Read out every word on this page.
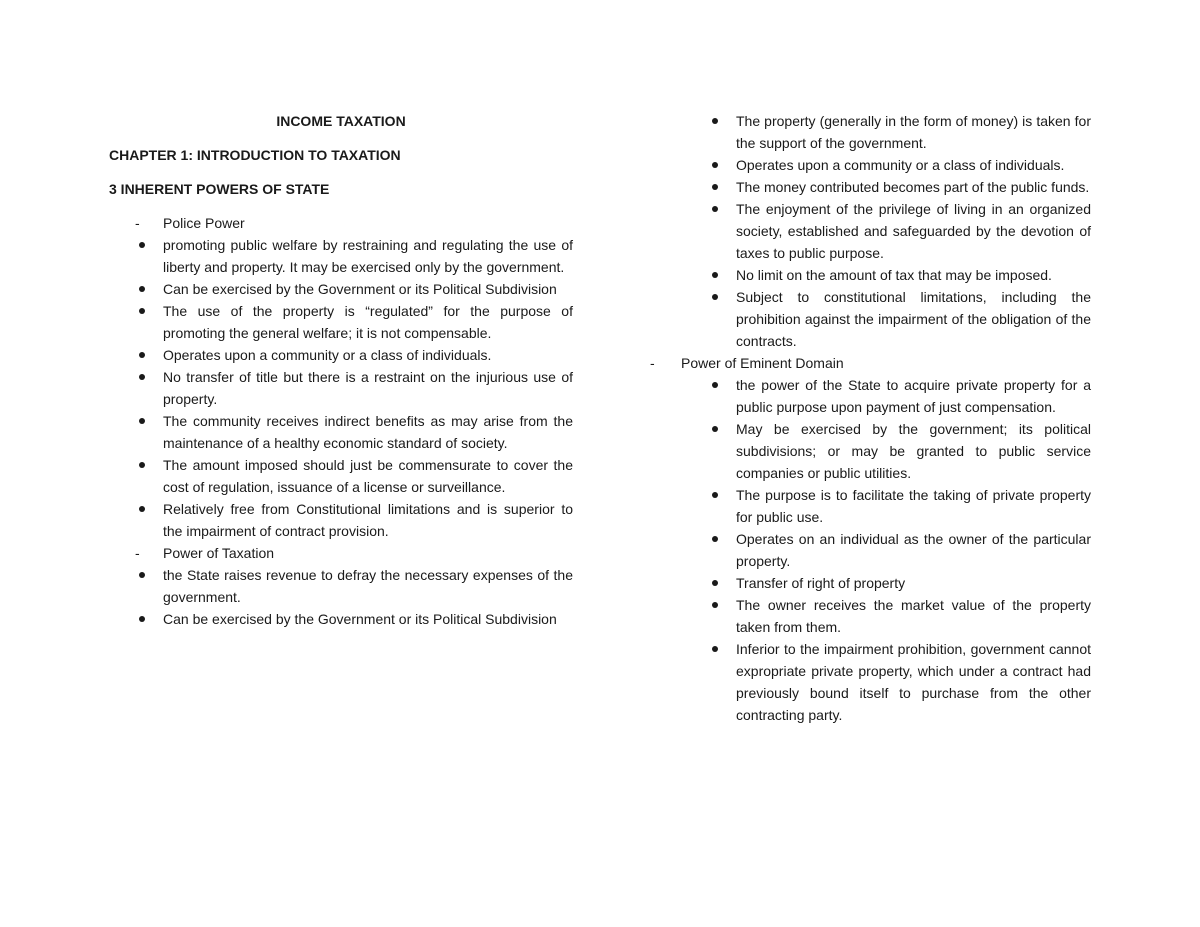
INCOME TAXATION
CHAPTER 1: INTRODUCTION TO TAXATION
3 INHERENT POWERS OF STATE
- Police Power
promoting public welfare by restraining and regulating the use of liberty and property. It may be exercised only by the government.
Can be exercised by the Government or its Political Subdivision
The use of the property is “regulated” for the purpose of promoting the general welfare; it is not compensable.
Operates upon a community or a class of individuals.
No transfer of title but there is a restraint on the injurious use of property.
The community receives indirect benefits as may arise from the maintenance of a healthy economic standard of society.
The amount imposed should just be commensurate to cover the cost of regulation, issuance of a license or surveillance.
Relatively free from Constitutional limitations and is superior to the impairment of contract provision.
- Power of Taxation
the State raises revenue to defray the necessary expenses of the government.
Can be exercised by the Government or its Political Subdivision
The property (generally in the form of money) is taken for the support of the government.
Operates upon a community or a class of individuals.
The money contributed becomes part of the public funds.
The enjoyment of the privilege of living in an organized society, established and safeguarded by the devotion of taxes to public purpose.
No limit on the amount of tax that may be imposed.
Subject to constitutional limitations, including the prohibition against the impairment of the obligation of the contracts.
- Power of Eminent Domain
the power of the State to acquire private property for a public purpose upon payment of just compensation.
May be exercised by the government; its political subdivisions; or may be granted to public service companies or public utilities.
The purpose is to facilitate the taking of private property for public use.
Operates on an individual as the owner of the particular property.
Transfer of right of property
The owner receives the market value of the property taken from them.
Inferior to the impairment prohibition, government cannot expropriate private property, which under a contract had previously bound itself to purchase from the other contracting party.
